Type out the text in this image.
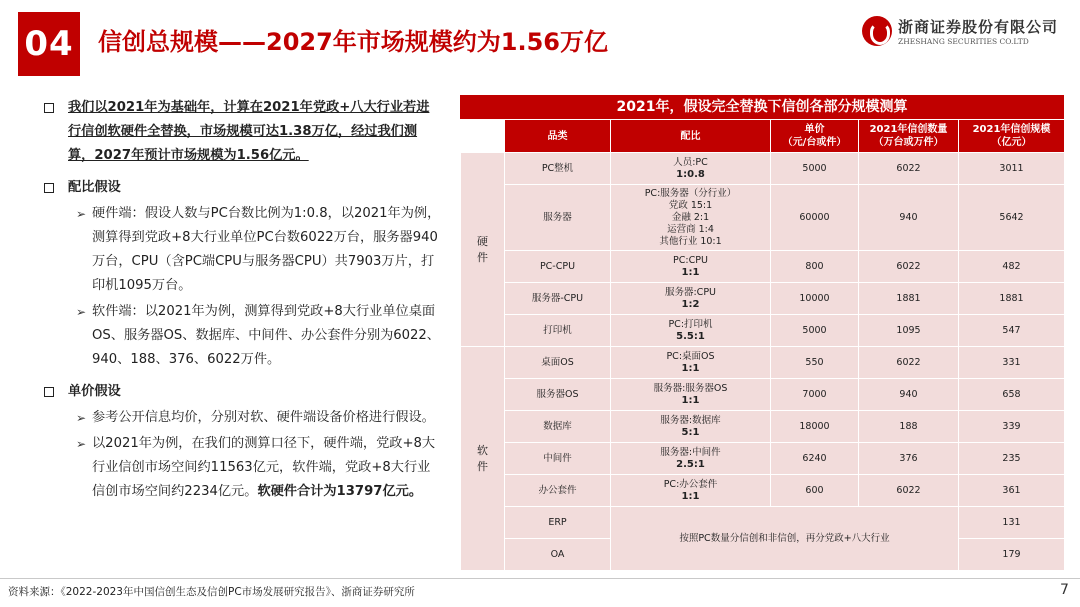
04 信创总规模——2027年市场规模约为1.56万亿
浙商证券股份有限公司
ZHESHANG SECURITIES CO.LTD
我们以2021年为基础年，计算在2021年党政+八大行业若进行信创软硬件全替换，市场规模可达1.38万亿，经过我们测算，2027年预计市场规模为1.56亿元。
配比假设
➢ 硬件端：假设人数与PC台数比例为1:0.8，以2021年为例，测算得到党政+8大行业单位PC台数6022万台，服务器940万台，CPU（含PC端CPU与服务器CPU）共7903万片，打印机1095万台。
➢ 软件端：以2021年为例，测算得到党政+8大行业单位桌面OS、服务器OS、数据库、中间件、办公套件分别为6022、940、188、376、6022万件。
单价假设
➢ 参考公开信息均价，分别对软、硬件端设备价格进行假设。
➢ 以2021年为例，在我们的测算口径下，硬件端，党政+8大行业信创市场空间约11563亿元，软件端，党政+8大行业信创市场空间约2234亿元。软硬件合计为13797亿元。
2021年，假设完全替换下信创各部分规模测算
	品类	配比	单价
（元/台或件）	2021年信创数量
（万台或万件）	2021年信创规模
（亿元）
硬
件	PC整机	人员:PC
1:0.8	5000	6022	3011
	服务器	PC:服务器（分行业）
党政 15:1
金融 2:1
运营商 1:4
其他行业 10:1	60000	940	5642
	PC-CPU	PC:CPU
1:1	800	6022	482
	服务器-CPU	服务器:CPU
1:2	10000	1881	1881
	打印机	PC:打印机
5.5:1	5000	1095	547
软
件	桌面OS	PC:桌面OS
1:1	550	6022	331
	服务器OS	服务器:服务器OS
1:1	7000	940	658
	数据库	服务器:数据库
5:1	18000	188	339
	中间件	服务器:中间件
2.5:1	6240	376	235
	办公套件	PC:办公套件
1:1	600	6022	361
	ERP	按照PC数量分信创和非信创，再分党政+八大行业			131
	OA				179
资料来源：《2022-2023年中国信创生态及信创PC市场发展研究报告》、浙商证券研究所	7
